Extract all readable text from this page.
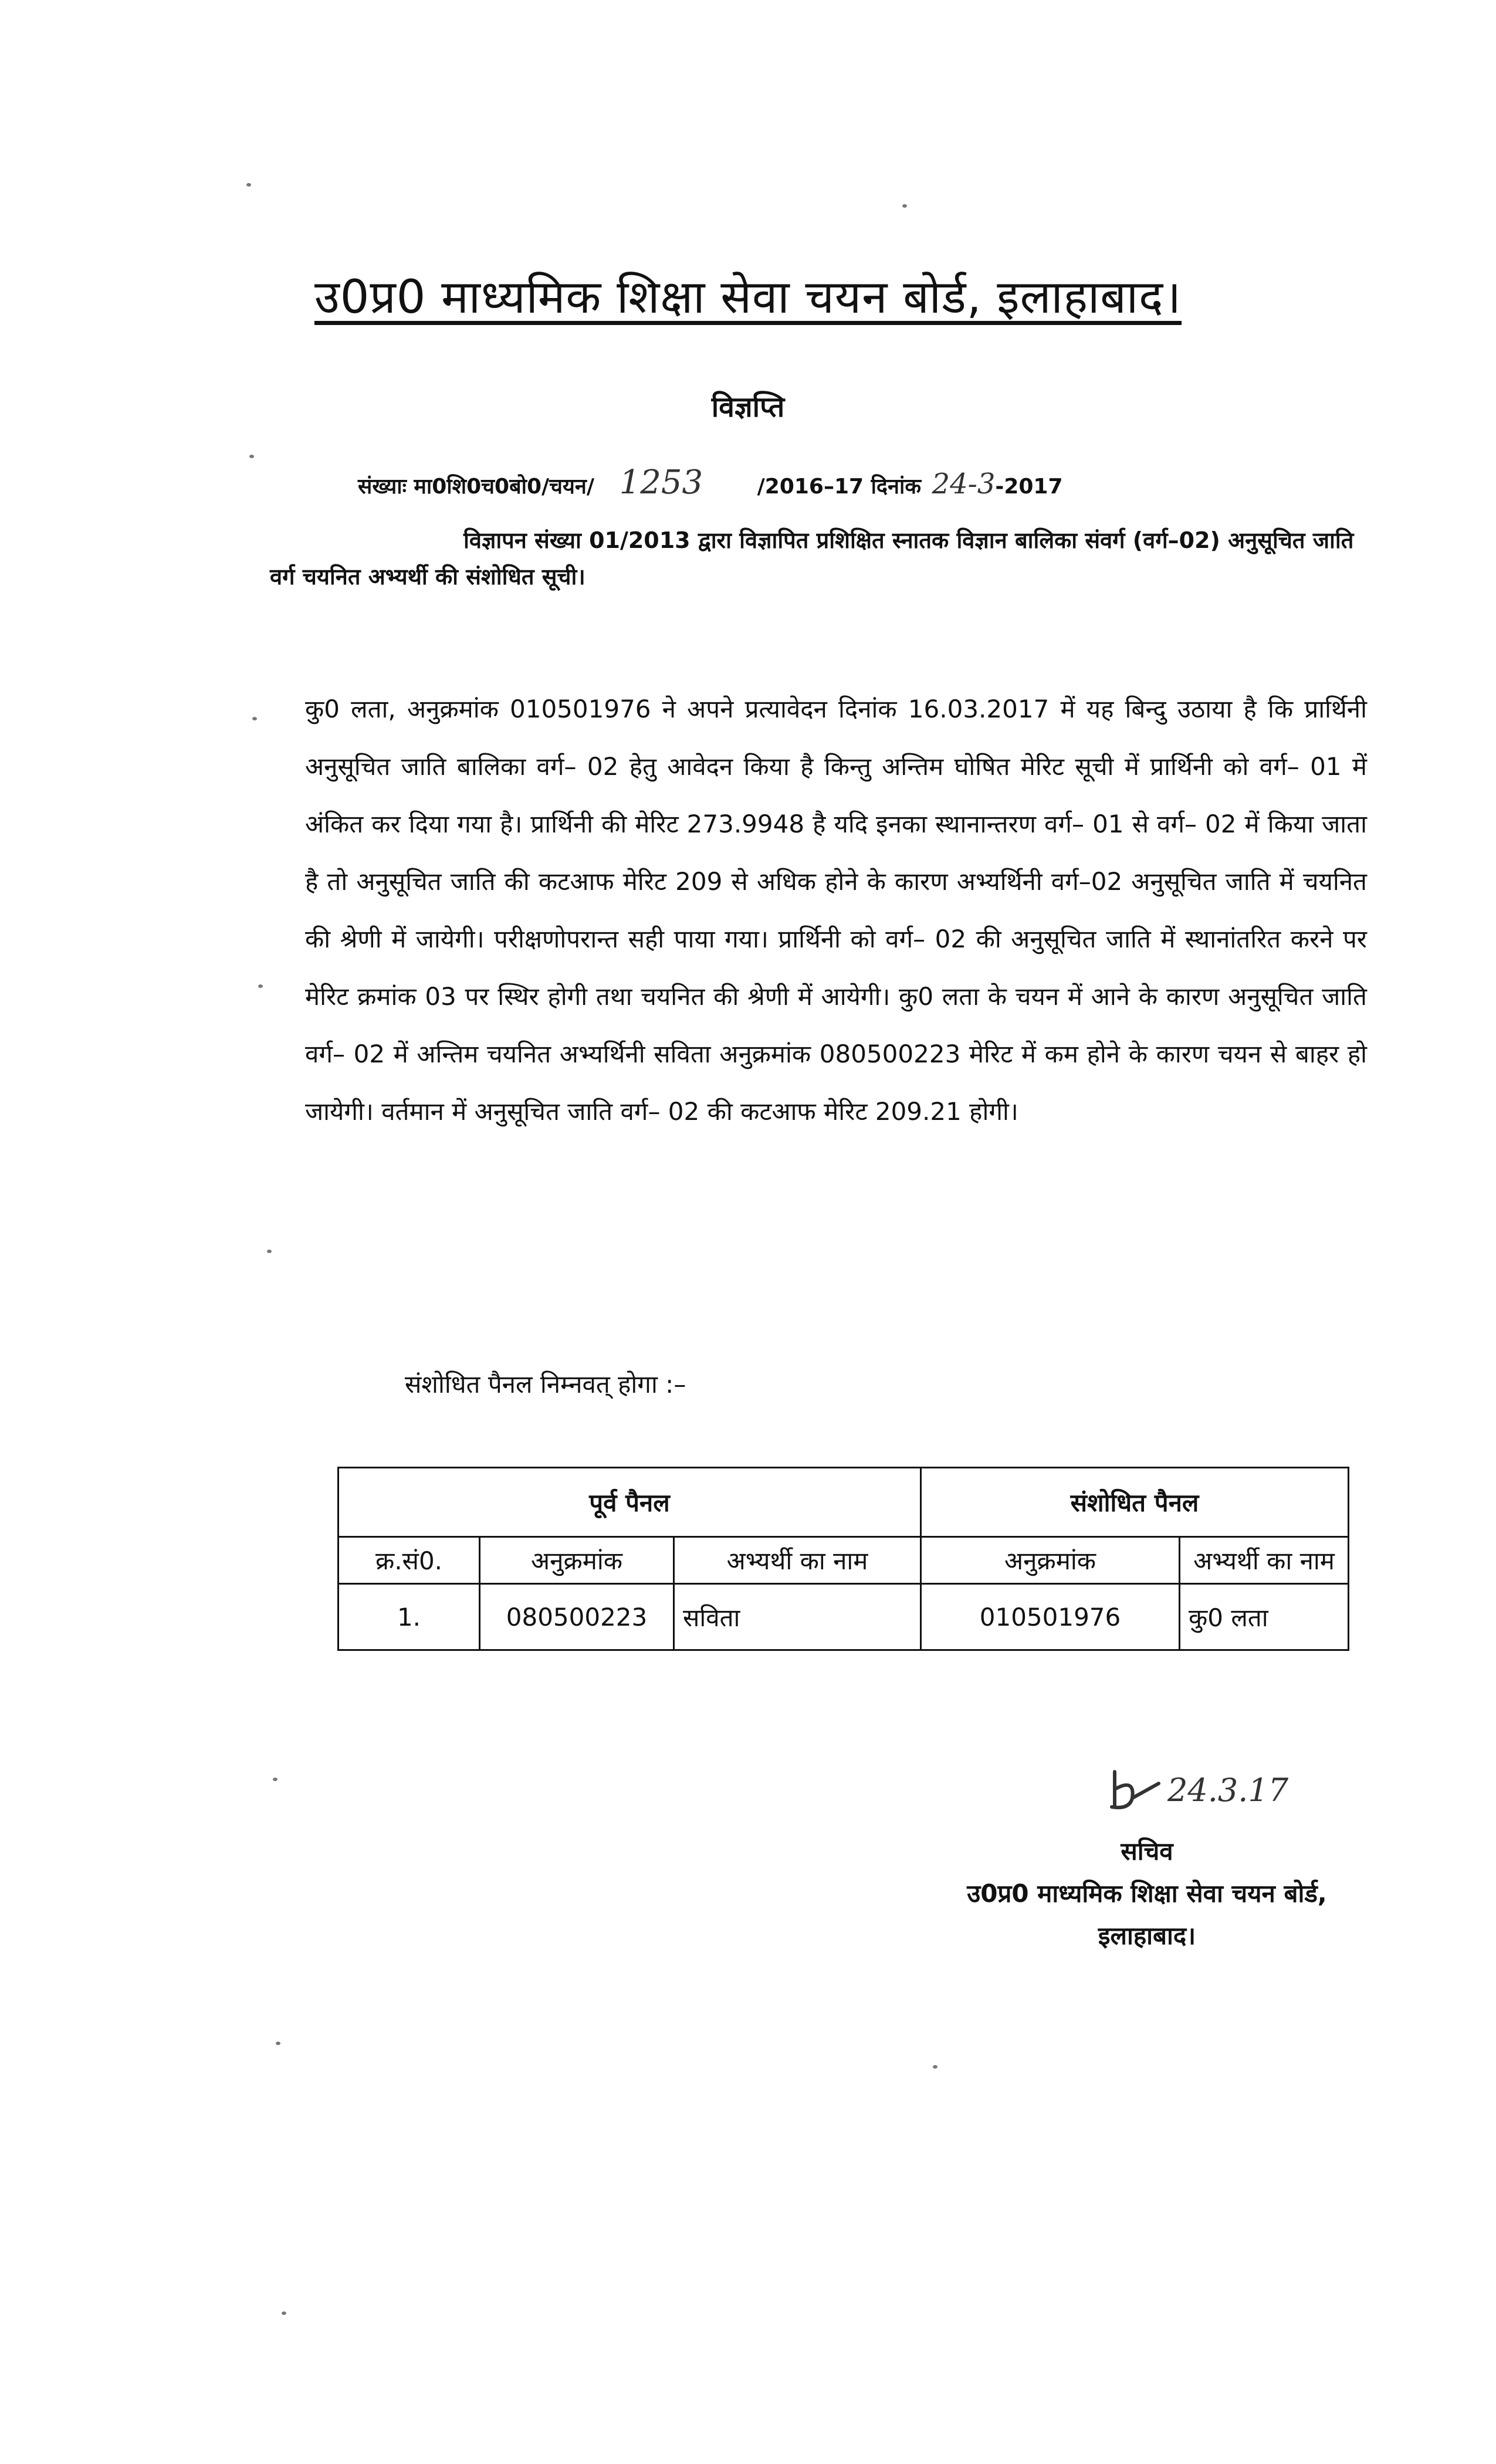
उ0प्र0 माध्यमिक शिक्षा सेवा चयन बोर्ड, इलाहाबाद।
विज्ञप्ति
संख्याः मा0शि0च0बो0/चयन/ 1253	/2016–17 दिनांक 24-3-2017
विज्ञापन संख्या 01/2013 द्वारा विज्ञापित प्रशिक्षित स्नातक विज्ञान बालिका संवर्ग (वर्ग–02) अनुसूचित जाति वर्ग चयनित अभ्यर्थी की संशोधित सूची।
कु0 लता, अनुक्रमांक 010501976 ने अपने प्रत्यावेदन दिनांक 16.03.2017 में यह बिन्दु उठाया है कि प्रार्थिनी अनुसूचित जाति बालिका वर्ग– 02 हेतु आवेदन किया है किन्तु अन्तिम घोषित मेरिट सूची में प्रार्थिनी को वर्ग– 01 में अंकित कर दिया गया है। प्रार्थिनी की मेरिट 273.9948 है यदि इनका स्थानान्तरण वर्ग– 01 से वर्ग– 02 में किया जाता है तो अनुसूचित जाति की कटआफ मेरिट 209 से अधिक होने के कारण अभ्यर्थिनी वर्ग–02 अनुसूचित जाति में चयनित की श्रेणी में जायेगी। परीक्षणोपरान्त सही पाया गया। प्रार्थिनी को वर्ग– 02 की अनुसूचित जाति में स्थानांतरित करने पर मेरिट क्रमांक 03 पर स्थिर होगी तथा चयनित की श्रेणी में आयेगी। कु0 लता के चयन में आने के कारण अनुसूचित जाति वर्ग– 02 में अन्तिम चयनित अभ्यर्थिनी सविता अनुक्रमांक 080500223 मेरिट में कम होने के कारण चयन से बाहर हो जायेगी। वर्तमान में अनुसूचित जाति वर्ग– 02 की कटआफ मेरिट 209.21 होगी।
संशोधित पैनल निम्नवत् होगा :–
पूर्व पैनल			संशोधित पैनल	
क्र.सं0.	अनुक्रमांक	अभ्यर्थी का नाम	अनुक्रमांक	अभ्यर्थी का नाम
1.	080500223	सविता	010501976	कु0 लता
24.3.17
सचिव
उ0प्र0 माध्यमिक शिक्षा सेवा चयन बोर्ड,
इलाहाबाद।
